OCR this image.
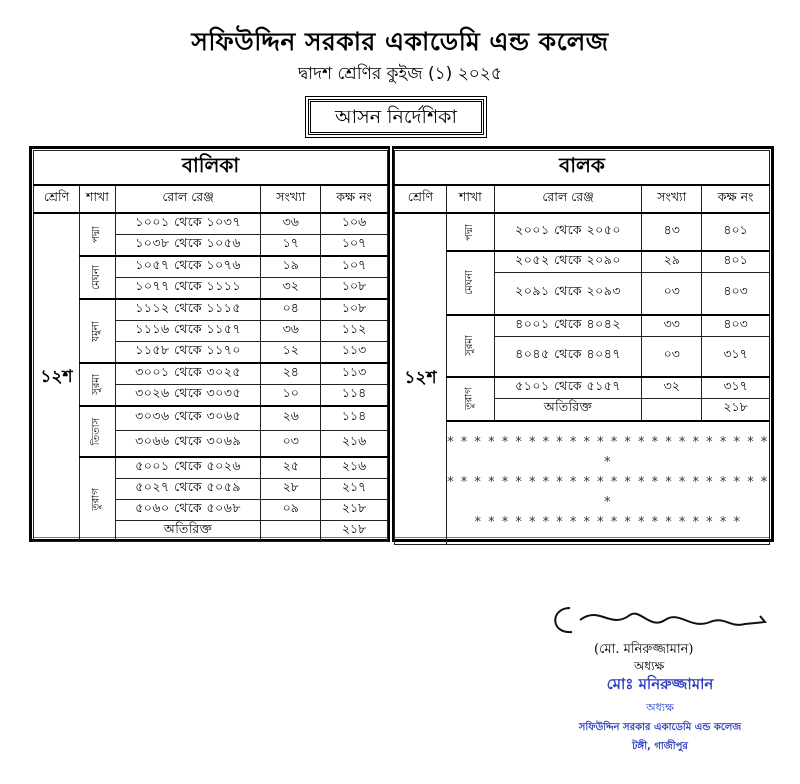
সফিউদ্দিন সরকার একাডেমি এন্ড কলেজ
দ্বাদশ শ্রেণির কুইজ (১) ২০২৫
আসন নির্দেশিকা
বালিকা				
শ্রেণি	শাখা	রোল রেঞ্জ	সংখ্যা	কক্ষ নং
১২শ	পদ্মা	১০০১ থেকে ১০৩৭	৩৬	১০৬
		১০৩৮ থেকে ১০৫৬	১৭	১০৭
	মেঘনা	১০৫৭ থেকে ১০৭৬	১৯	১০৭
		১০৭৭ থেকে ১১১১	৩২	১০৮
	যমুনা	১১১২ থেকে ১১১৫	০৪	১০৮
		১১১৬ থেকে ১১৫৭	৩৬	১১২
		১১৫৮ থেকে ১১৭০	১২	১১৩
	সুরমা	৩০০১ থেকে ৩০২৫	২৪	১১৩
		৩০২৬ থেকে ৩০৩৫	১০	১১৪
	তিতাস	৩০৩৬ থেকে ৩০৬৫	২৬	১১৪
		৩০৬৬ থেকে ৩০৬৯	০৩	২১৬
	তুরাগ	৫০০১ থেকে ৫০২৬	২৫	২১৬
		৫০২৭ থেকে ৫০৫৯	২৮	২১৭
		৫০৬০ থেকে ৫০৬৮	০৯	২১৮
		অতিরিক্ত		২১৮
বালক				
শ্রেণি	শাখা	রোল রেঞ্জ	সংখ্যা	কক্ষ নং
১২শ	পদ্মা	২০০১ থেকে ২০৫০	৪৩	৪০১
	মেঘনা	২০৫২ থেকে ২০৯০	২৯	৪০১
		২০৯১ থেকে ২০৯৩	০৩	৪০৩
	সুরমা	৪০০১ থেকে ৪০৪২	৩৩	৪০৩
		৪০৪৫ থেকে ৪০৪৭	০৩	৩১৭
	তুরাগ	৫১০১ থেকে ৫১৫৭	৩২	৩১৭
		অতিরিক্ত		২১৮

	* * * * * * * * * * * * * * * * * * * * * * * * *
* * * * * * * * * * * * * * * * * * * * * * * * *
* * * * * * * * * * * * * * * * * * * *			
(মো. মনিরুজ্জামান)
অধ্যক্ষ
মোঃ মনিরুজ্জামান
অধ্যক্ষ
সফিউদ্দিন সরকার একাডেমি এন্ড কলেজ
টঙ্গী, গাজীপুর
